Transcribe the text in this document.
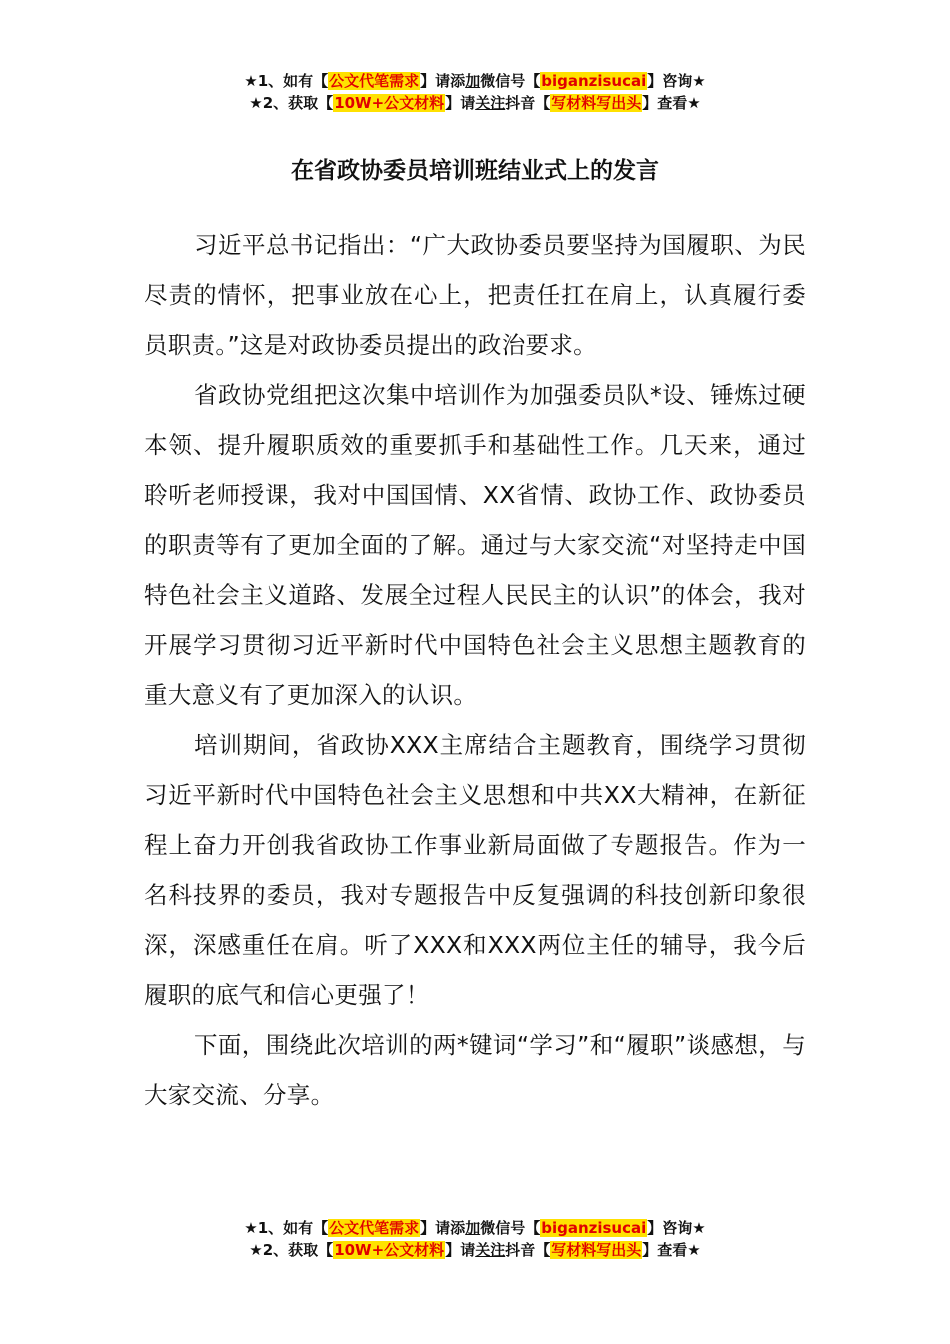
★1、如有【公文代笔需求】请添加微信号【biganzisucai】咨询★
★2、获取【10W+公文材料】请关注抖音【写材料写出头】查看★
在省政协委员培训班结业式上的发言

习近平总书记指出：“广大政协委员要坚持为国履职、为民尽责的情怀，把事业放在心上，把责任扛在肩上，认真履行委员职责。”这是对政协委员提出的政治要求。

省政协党组把这次集中培训作为加强委员队*设、锤炼过硬本领、提升履职质效的重要抓手和基础性工作。几天来，通过聆听老师授课，我对中国国情、XX省情、政协工作、政协委员的职责等有了更加全面的了解。通过与大家交流“对坚持走中国特色社会主义道路、发展全过程人民民主的认识”的体会，我对开展学习贯彻习近平新时代中国特色社会主义思想主题教育的重大意义有了更加深入的认识。

培训期间，省政协XXX主席结合主题教育，围绕学习贯彻习近平新时代中国特色社会主义思想和中共XX大精神，在新征程上奋力开创我省政协工作事业新局面做了专题报告。作为一名科技界的委员，我对专题报告中反复强调的科技创新印象很深，深感重任在肩。听了XXX和XXX两位主任的辅导，我今后履职的底气和信心更强了！

下面，围绕此次培训的两*键词“学习”和“履职”谈感想，与大家交流、分享。

★1、如有【公文代笔需求】请添加微信号【biganzisucai】咨询★
★2、获取【10W+公文材料】请关注抖音【写材料写出头】查看★
